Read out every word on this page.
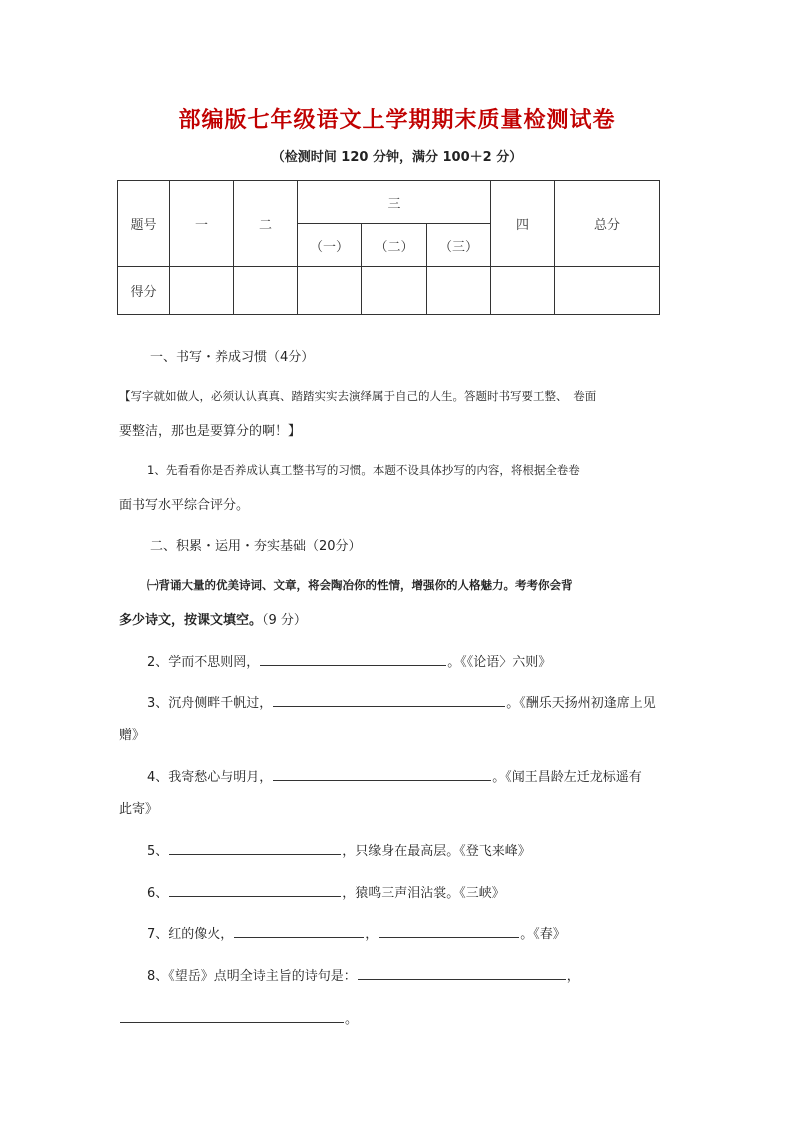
部编版七年级语文上学期期末质量检测试卷
（检测时间 120 分钟，满分 100＋2 分）
题号	一	二	三			四	总分
			（一）	（二）	（三）		
得分							
一、书写・养成习惯（4分）
【写字就如做人，必须认认真真、踏踏实实去演绎属于自己的人生。答题时书写要工整、　卷面
要整洁，那也是要算分的啊！】
1、先看看你是否养成认真工整书写的习惯。本题不设具体抄写的内容，将根据全卷卷
面书写水平综合评分。
二、积累・运用・夯实基础（20分）
㈠背诵大量的优美诗词、文章，将会陶冶你的性情，增强你的人格魅力。考考你会背
多少诗文，按课文填空。（9 分）
2、学而不思则罔，	。《《论语〉六则》
3、沉舟侧畔千帆过，	。《酬乐天扬州初逢席上见
赠》
4、我寄愁心与明月，	。《闻王昌龄左迁龙标遥有
此寄》
5、	，只缘身在最高层。《登飞来峰》
6、	，猿鸣三声泪沾裳。《三峡》
7、红的像火，	，	。《春》
8、《望岳》点明全诗主旨的诗句是：	，
。
